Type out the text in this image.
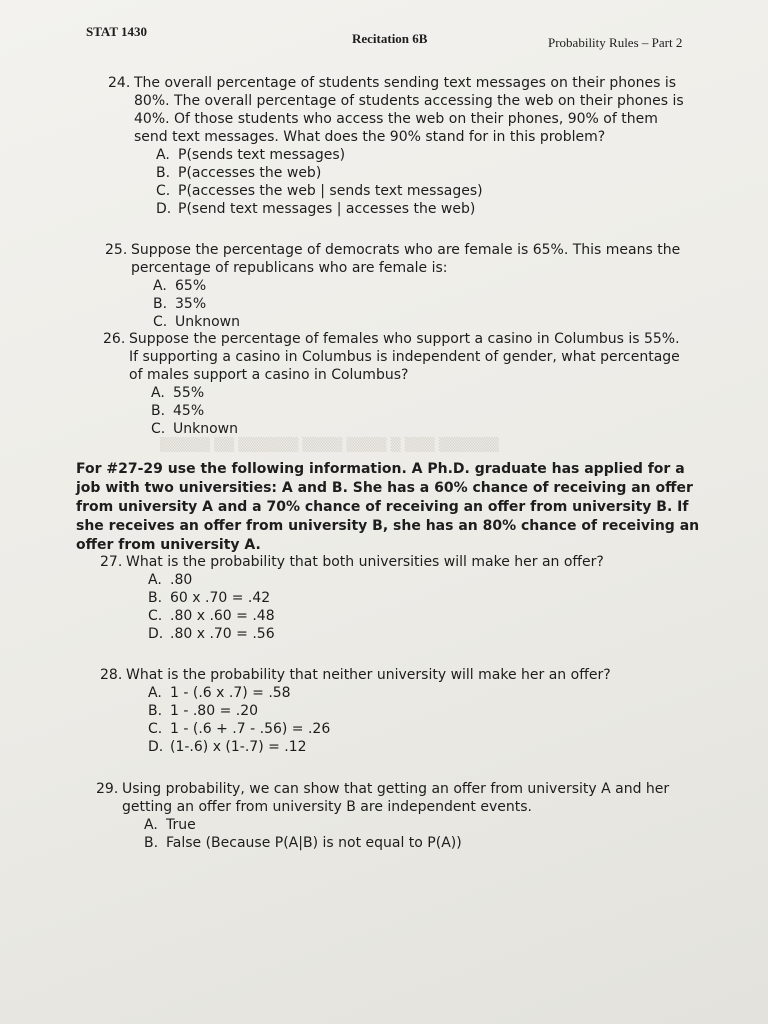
STAT 1430	Recitation 6B	Probability Rules – Part 2
24. The overall percentage of students sending text messages on their phones is 80%. The overall percentage of students accessing the web on their phones is 40%. Of those students who access the web on their phones, 90% of them send text messages. What does the 90% stand for in this problem?
A. P(sends text messages)
B. P(accesses the web)
C. P(accesses the web | sends text messages)
D. P(send text messages | accesses the web)
25. Suppose the percentage of democrats who are female is 65%. This means the percentage of republicans who are female is:
A. 65%
B. 35%
C. Unknown
26. Suppose the percentage of females who support a casino in Columbus is 55%. If supporting a casino in Columbus is independent of gender, what percentage of males support a casino in Columbus?
A. 55%
B. 45%
C. Unknown
▒▒▒▒▒ ▒▒ ▒▒▒▒▒▒ ▒▒▒▒ ▒▒▒▒ ▒ ▒▒▒ ▒▒▒▒▒▒
For #27-29 use the following information. A Ph.D. graduate has applied for a job with two universities: A and B. She has a 60% chance of receiving an offer from university A and a 70% chance of receiving an offer from university B. If she receives an offer from university B, she has an 80% chance of receiving an offer from university A.
27. What is the probability that both universities will make her an offer?
A. .80
B. 60 x .70 = .42
C. .80 x .60 = .48
D. .80 x .70 = .56
28. What is the probability that neither university will make her an offer?
A. 1 - (.6 x .7) = .58
B. 1 - .80 = .20
C. 1 - (.6 + .7 - .56) = .26
D. (1-.6) x (1-.7) = .12
29. Using probability, we can show that getting an offer from university A and her getting an offer from university B are independent events.
A. True
B. False (Because P(A|B) is not equal to P(A))
